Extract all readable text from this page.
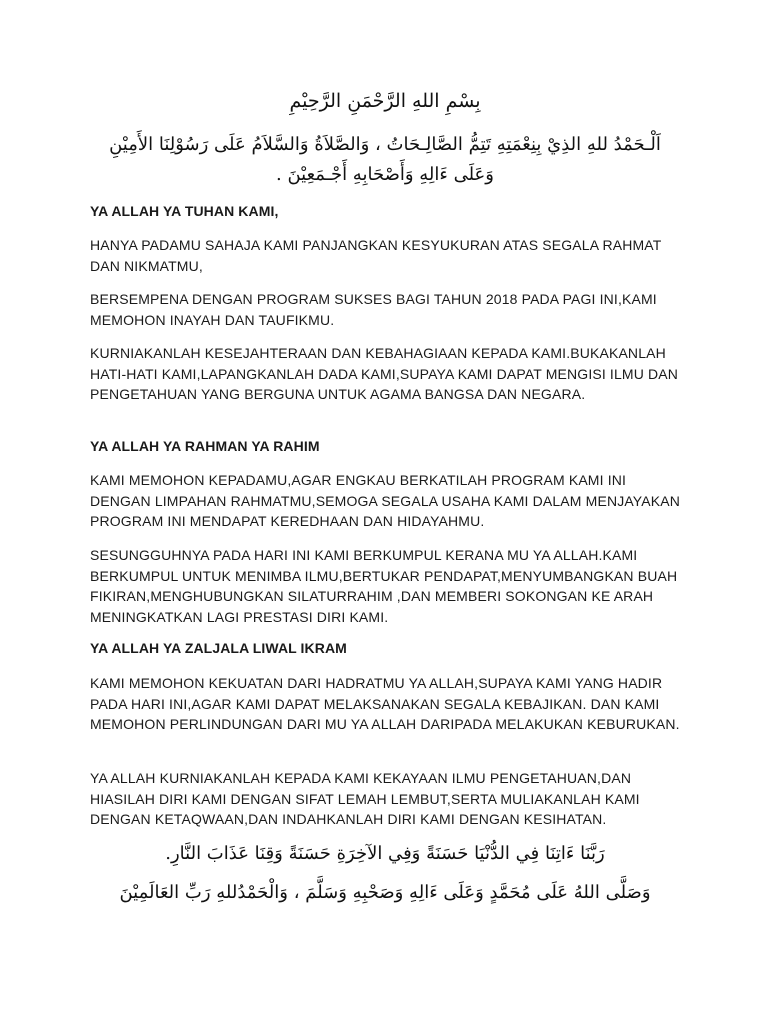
بِسْمِ اللهِ الرَّحْمَنِ الرَّحِيْمِ
اَلْـحَمْدُ للهِ الذِيْ بِنِعْمَتِهِ تَتِمُّ الصَّالِـحَاتُ ، وَالصَّلاَةُ وَالسَّلاَمُ عَلَى رَسُوْلِنَا الأَمِيْنِ وَعَلَى ءَالِهِ وَأَصْحَابِهِ أَجْـمَعِيْنَ .
YA ALLAH YA TUHAN KAMI,
HANYA PADAMU SAHAJA KAMI PANJANGKAN KESYUKURAN ATAS SEGALA RAHMAT DAN NIKMATMU,
BERSEMPENA DENGAN PROGRAM SUKSES BAGI TAHUN 2018 PADA PAGI INI,KAMI MEMOHON INAYAH DAN TAUFIKMU.
KURNIAKANLAH KESEJAHTERAAN DAN KEBAHAGIAAN KEPADA KAMI.BUKAKANLAH HATI-HATI KAMI,LAPANGKANLAH DADA KAMI,SUPAYA KAMI DAPAT MENGISI ILMU DAN PENGETAHUAN YANG BERGUNA UNTUK AGAMA BANGSA DAN NEGARA.
YA ALLAH YA RAHMAN YA RAHIM
KAMI MEMOHON KEPADAMU,AGAR ENGKAU BERKATILAH PROGRAM KAMI INI DENGAN LIMPAHAN RAHMATMU,SEMOGA SEGALA USAHA KAMI DALAM MENJAYAKAN PROGRAM INI MENDAPAT KEREDHAAN DAN HIDAYAHMU.
SESUNGGUHNYA PADA HARI INI KAMI BERKUMPUL KERANA MU YA ALLAH.KAMI BERKUMPUL UNTUK MENIMBA ILMU,BERTUKAR PENDAPAT,MENYUMBANGKAN BUAH FIKIRAN,MENGHUBUNGKAN SILATURRAHIM ,DAN MEMBERI SOKONGAN KE ARAH MENINGKATKAN LAGI PRESTASI DIRI KAMI.
YA ALLAH YA ZALJALA LIWAL IKRAM
KAMI MEMOHON KEKUATAN DARI HADRATMU YA ALLAH,SUPAYA KAMI YANG HADIR PADA HARI INI,AGAR KAMI DAPAT MELAKSANAKAN SEGALA KEBAJIKAN. DAN KAMI MEMOHON PERLINDUNGAN DARI MU YA ALLAH DARIPADA MELAKUKAN KEBURUKAN.
YA ALLAH KURNIAKANLAH KEPADA KAMI KEKAYAAN ILMU PENGETAHUAN,DAN HIASILAH DIRI KAMI DENGAN SIFAT LEMAH LEMBUT,SERTA MULIAKANLAH KAMI DENGAN KETAQWAAN,DAN INDAHKANLAH DIRI KAMI DENGAN KESIHATAN.
رَبَّنَا ءَاتِنَا فِي الدُّنْيَا حَسَنَةً وَفِي الآخِرَةِ حَسَنَةً وَقِنَا عَذَابَ النَّارِ.
وَصَلَّى اللهُ عَلَى مُحَمَّدٍ وَعَلَى ءَالِهِ وَصَحْبِهِ وَسَلَّمَ ، وَالْحَمْدُللهِ رَبِّ العَالَمِيْنَ
